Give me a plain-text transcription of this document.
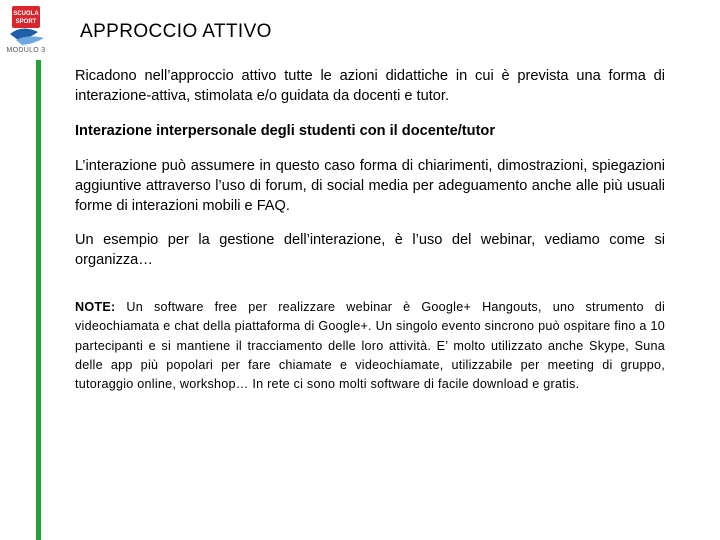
SCUOLA
SPORT
MODULO 3
APPROCCIO ATTIVO

Ricadono nell’approccio attivo tutte le azioni didattiche in cui è prevista una forma di interazione-attiva, stimolata e/o guidata da docenti e tutor.

Interazione interpersonale degli studenti con il docente/tutor

L’interazione può assumere in questo caso forma di chiarimenti, dimostrazioni, spiegazioni aggiuntive attraverso l’uso di forum, di social media per adeguamento anche alle più usuali forme di interazioni mobili e FAQ.

Un esempio per la gestione dell’interazione, è l’uso del webinar, vediamo come si organizza…

NOTE: Un software free per realizzare webinar è Google+ Hangouts, uno strumento di videochiamata e chat della piattaforma di Google+. Un singolo evento sincrono può ospitare fino a 10 partecipanti e si mantiene il tracciamento delle loro attività. E’ molto utilizzato anche Skype, Suna delle app più popolari per fare chiamate e videochiamate, utilizzabile per meeting di gruppo, tutoraggio online, workshop… In rete ci sono molti software di facile download e gratis.
